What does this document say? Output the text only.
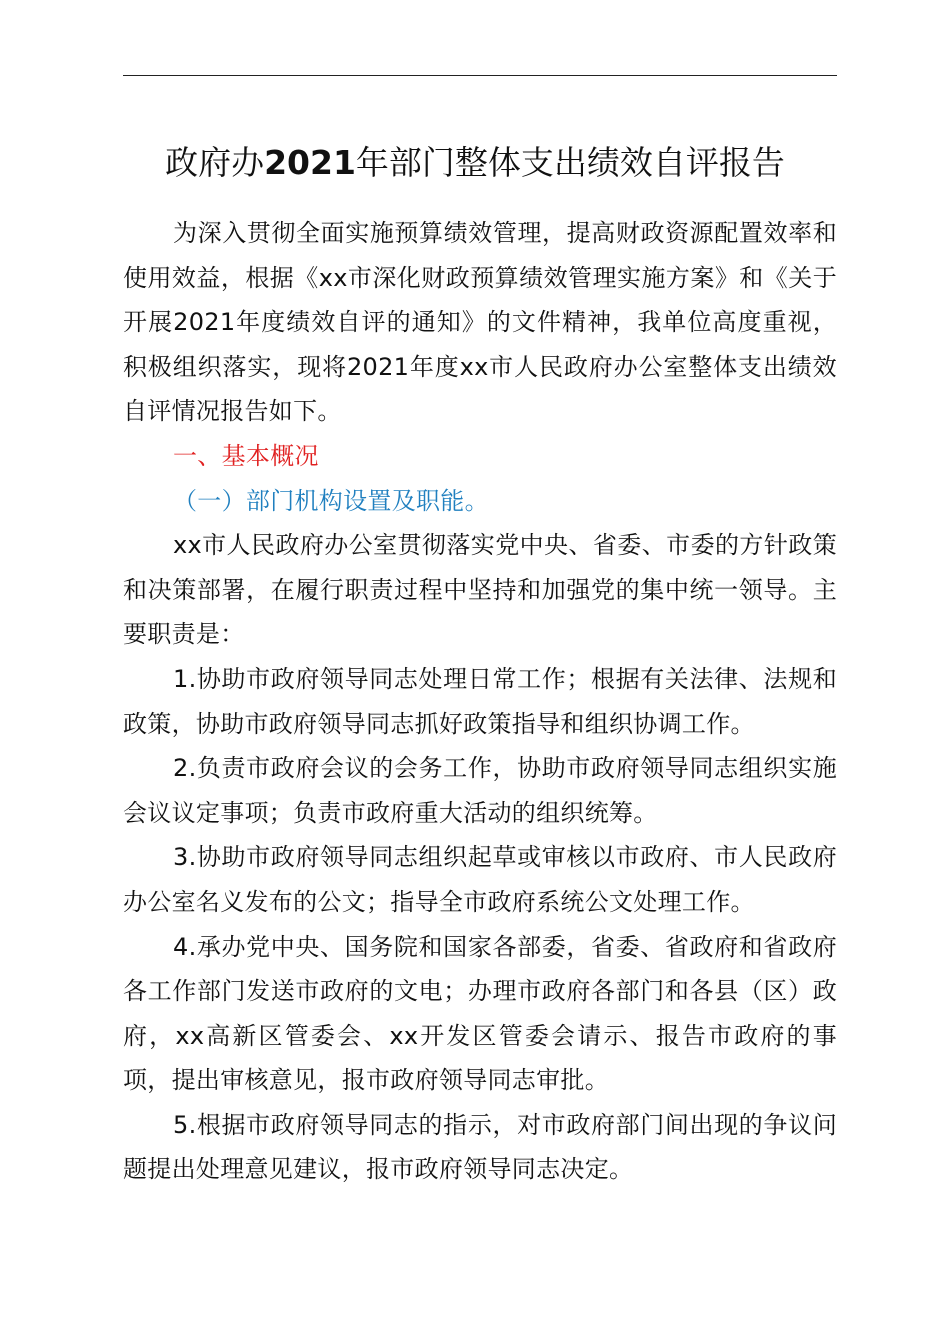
政府办2021年部门整体支出绩效自评报告

为深入贯彻全面实施预算绩效管理，提高财政资源配置效率和使用效益，根据《xx市深化财政预算绩效管理实施方案》和《关于开展2021年度绩效自评的通知》的文件精神，我单位高度重视，积极组织落实，现将2021年度xx市人民政府办公室整体支出绩效自评情况报告如下。

一、基本概况

（一）部门机构设置及职能。

xx市人民政府办公室贯彻落实党中央、省委、市委的方针政策和决策部署，在履行职责过程中坚持和加强党的集中统一领导。主要职责是：

1.协助市政府领导同志处理日常工作；根据有关法律、法规和政策，协助市政府领导同志抓好政策指导和组织协调工作。

2.负责市政府会议的会务工作，协助市政府领导同志组织实施会议议定事项；负责市政府重大活动的组织统筹。

3.协助市政府领导同志组织起草或审核以市政府、市人民政府办公室名义发布的公文；指导全市政府系统公文处理工作。

4.承办党中央、国务院和国家各部委，省委、省政府和省政府各工作部门发送市政府的文电；办理市政府各部门和各县（区）政府，xx高新区管委会、xx开发区管委会请示、报告市政府的事项，提出审核意见，报市政府领导同志审批。

5.根据市政府领导同志的指示，对市政府部门间出现的争议问题提出处理意见建议，报市政府领导同志决定。
